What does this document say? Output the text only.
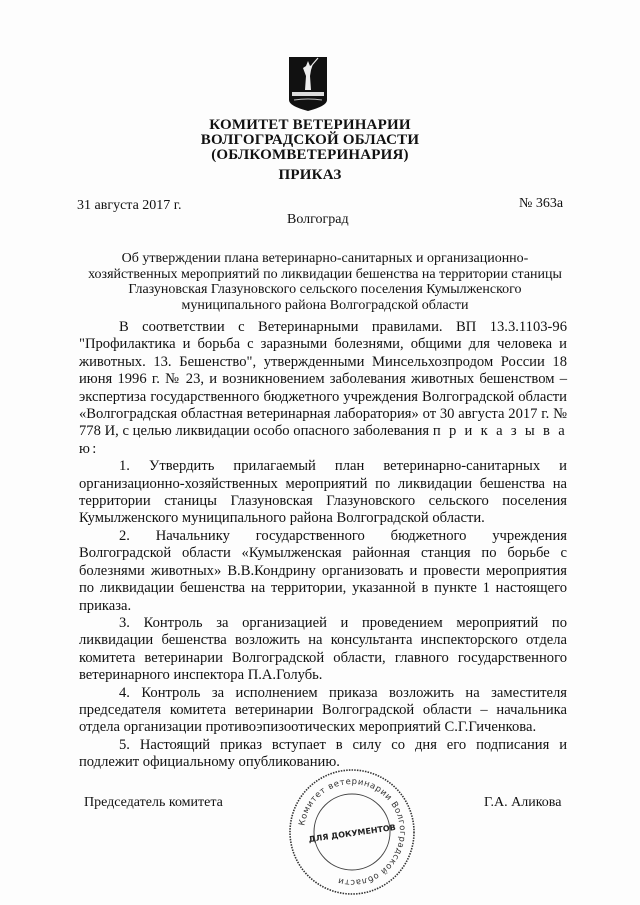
КОМИТЕТ ВЕТЕРИНАРИИ
ВОЛГОГРАДСКОЙ ОБЛАСТИ
(ОБЛКОМВЕТЕРИНАРИЯ)
ПРИКАЗ
31 августа 2017 г.	№ 363а
Волгоград
Об утверждении плана ветеринарно-санитарных и организационно-хозяйственных мероприятий по ликвидации бешенства на территории станицы Глазуновская Глазуновского сельского поселения Кумылженского муниципального района Волгоградской области

В соответствии с Ветеринарными правилами. ВП 13.3.1103-96 "Профилактика и борьба с заразными болезнями, общими для человека и животных. 13. Бешенство", утвержденными Минсельхозпродом России 18 июня 1996 г. № 23, и возникновением заболевания животных бешенством – экспертиза государственного бюджетного учреждения Волгоградской области «Волгоградская областная ветеринарная лаборатория» от 30 августа 2017 г. № 778 И, с целью ликвидации особо опасного заболевания п р и к а з ы в а ю:

1. Утвердить прилагаемый план ветеринарно-санитарных и организационно-хозяйственных мероприятий по ликвидации бешенства на территории станицы Глазуновская Глазуновского сельского поселения Кумылженского муниципального района Волгоградской области.

2. Начальнику государственного бюджетного учреждения Волгоградской области «Кумылженская районная станция по борьбе с болезнями животных» В.В.Кондрину организовать и провести мероприятия по ликвидации бешенства на территории, указанной в пункте 1 настоящего приказа.

3. Контроль за организацией и проведением мероприятий по ликвидации бешенства возложить на консультанта инспекторского отдела комитета ветеринарии Волгоградской области, главного государственного ветеринарного инспектора П.А.Голубь.

4. Контроль за исполнением приказа возложить на заместителя председателя комитета ветеринарии Волгоградской области – начальника отдела организации противоэпизоотических мероприятий С.Г.Гиченкова.

5. Настоящий приказ вступает в силу со дня его подписания и подлежит официальному опубликованию.

Председатель комитета	Г.А. Аликова
Комитет ветеринарии Волгоградской области
ДЛЯ ДОКУМЕНТОВ
